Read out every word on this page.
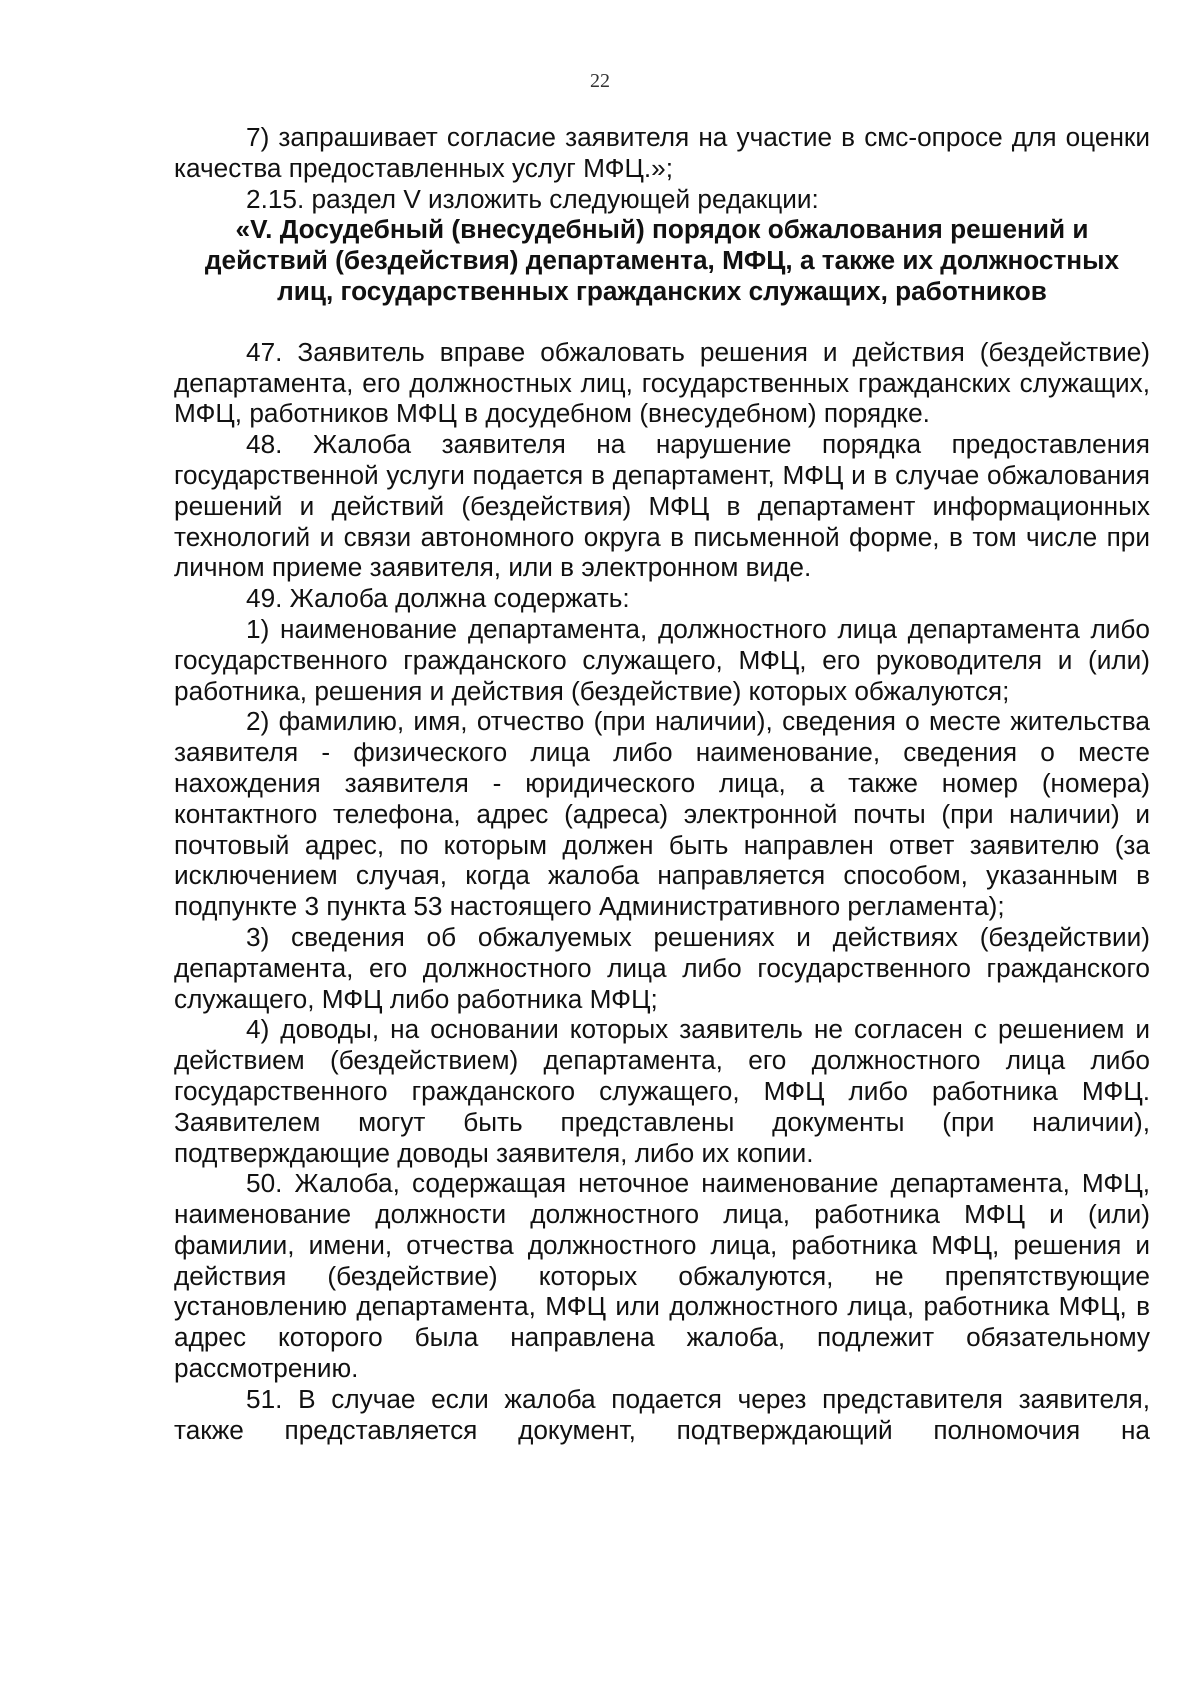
22

7) запрашивает согласие заявителя на участие в смс-опросе для оценки качества предоставленных услуг МФЦ.»;

2.15. раздел V изложить следующей редакции:

«V. Досудебный (внесудебный) порядок обжалования решений и действий (бездействия) департамента, МФЦ, а также их должностных лиц, государственных гражданских служащих, работников

47. Заявитель вправе обжаловать решения и действия (бездействие) департамента, его должностных лиц, государственных гражданских служащих, МФЦ, работников МФЦ в досудебном (внесудебном) порядке.

48. Жалоба заявителя на нарушение порядка предоставления государственной услуги подается в департамент, МФЦ и в случае обжалования решений и действий (бездействия) МФЦ в департамент информационных технологий и связи автономного округа в письменной форме, в том числе при личном приеме заявителя, или в электронном виде.

49. Жалоба должна содержать:

1) наименование департамента, должностного лица департамента либо государственного гражданского служащего, МФЦ, его руководителя и (или) работника, решения и действия (бездействие) которых обжалуются;

2) фамилию, имя, отчество (при наличии), сведения о месте жительства заявителя - физического лица либо наименование, сведения о месте нахождения заявителя - юридического лица, а также номер (номера) контактного телефона, адрес (адреса) электронной почты (при наличии) и почтовый адрес, по которым должен быть направлен ответ заявителю (за исключением случая, когда жалоба направляется способом, указанным в подпункте 3 пункта 53 настоящего Административного регламента);

3) сведения об обжалуемых решениях и действиях (бездействии) департамента, его должностного лица либо государственного гражданского служащего, МФЦ либо работника МФЦ;

4) доводы, на основании которых заявитель не согласен с решением и действием (бездействием) департамента, его должностного лица либо государственного гражданского служащего, МФЦ либо работника МФЦ. Заявителем могут быть представлены документы (при наличии), подтверждающие доводы заявителя, либо их копии.

50. Жалоба, содержащая неточное наименование департамента, МФЦ, наименование должности должностного лица, работника МФЦ и (или) фамилии, имени, отчества должностного лица, работника МФЦ, решения и действия (бездействие) которых обжалуются, не препятствующие установлению департамента, МФЦ или должностного лица, работника МФЦ, в адрес которого была направлена жалоба, подлежит обязательному рассмотрению.

51. В случае если жалоба подается через представителя заявителя, также представляется документ, подтверждающий полномочия на
